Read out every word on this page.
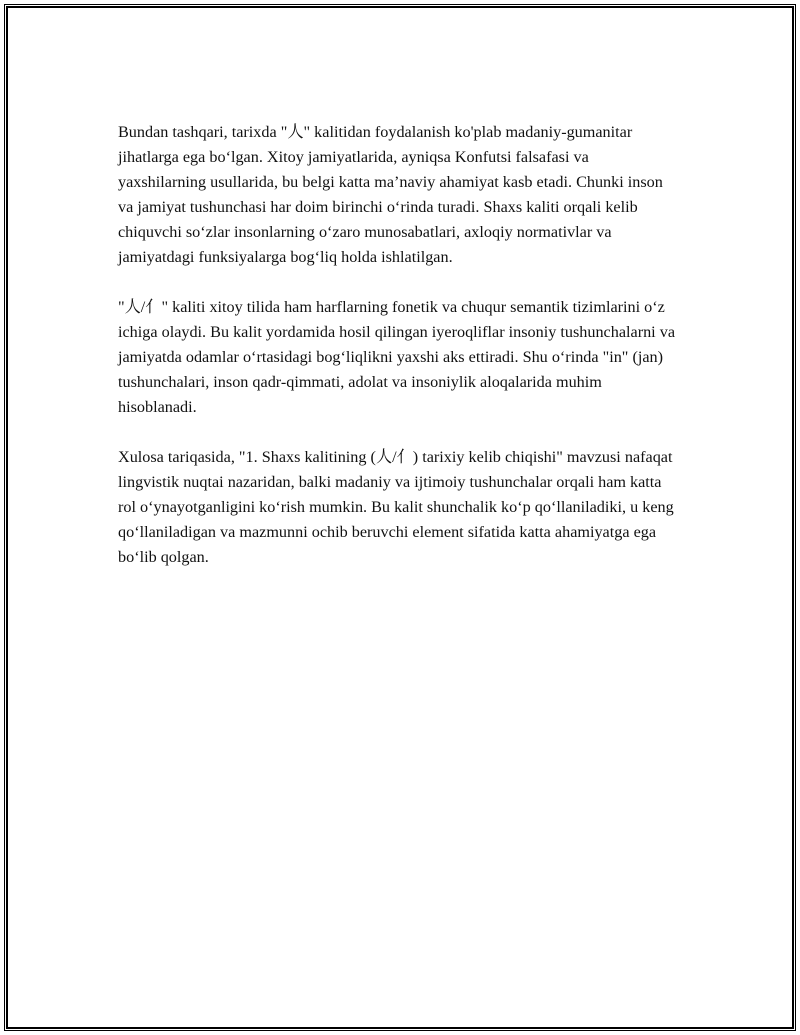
Bundan tashqari, tarixda "人" kalitidan foydalanish ko'plab madaniy-gumanitar jihatlarga ega bo‘lgan. Xitoy jamiyatlarida, ayniqsa Konfutsi falsafasi va yaxshilarning usullarida, bu belgi katta ma’naviy ahamiyat kasb etadi. Chunki inson va jamiyat tushunchasi har doim birinchi o‘rinda turadi. Shaxs kaliti orqali kelib chiquvchi so‘zlar insonlarning o‘zaro munosabatlari, axloqiy normativlar va jamiyatdagi funksiyalarga bog‘liq holda ishlatilgan.

"人/亻" kaliti xitoy tilida ham harflarning fonetik va chuqur semantik tizimlarini o‘z ichiga olaydi. Bu kalit yordamida hosil qilingan iyeroqliflar insoniy tushunchalarni va jamiyatda odamlar o‘rtasidagi bog‘liqlikni yaxshi aks ettiradi. Shu o‘rinda "in" (jan) tushunchalari, inson qadr-qimmati, adolat va insoniylik aloqalarida muhim hisoblanadi.

Xulosa tariqasida, "1. Shaxs kalitining (人/亻) tarixiy kelib chiqishi" mavzusi nafaqat lingvistik nuqtai nazaridan, balki madaniy va ijtimoiy tushunchalar orqali ham katta rol o‘ynayotganligini ko‘rish mumkin. Bu kalit shunchalik ko‘p qo‘llaniladiki, u keng qo‘llaniladigan va mazmunni ochib beruvchi element sifatida katta ahamiyatga ega bo‘lib qolgan.
